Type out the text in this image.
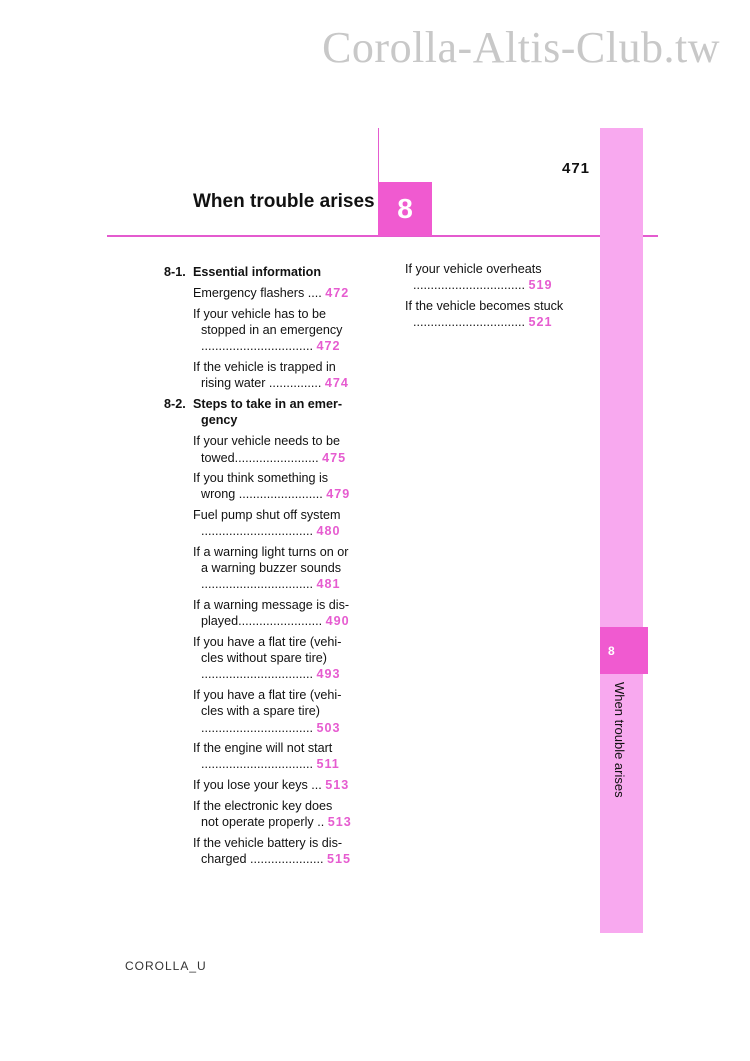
Corolla-Altis-Club.tw
471
When trouble arises 8
8
When trouble arises
8-1. Essential information
Emergency flashers .... 472
If your vehicle has to be
stopped in an emergency
................................ 472
If the vehicle is trapped in
rising water ............... 474
8-2. Steps to take in an emer-
gency
If your vehicle needs to be
towed........................ 475
If you think something is
wrong ........................ 479
Fuel pump shut off system
................................ 480
If a warning light turns on or
a warning buzzer sounds
................................ 481
If a warning message is dis-
played........................ 490
If you have a flat tire (vehi-
cles without spare tire)
................................ 493
If you have a flat tire (vehi-
cles with a spare tire)
................................ 503
If the engine will not start
................................ 511
If you lose your keys ... 513
If the electronic key does
not operate properly .. 513
If the vehicle battery is dis-
charged ..................... 515
If your vehicle overheats
................................ 519
If the vehicle becomes stuck
................................ 521
COROLLA_U
